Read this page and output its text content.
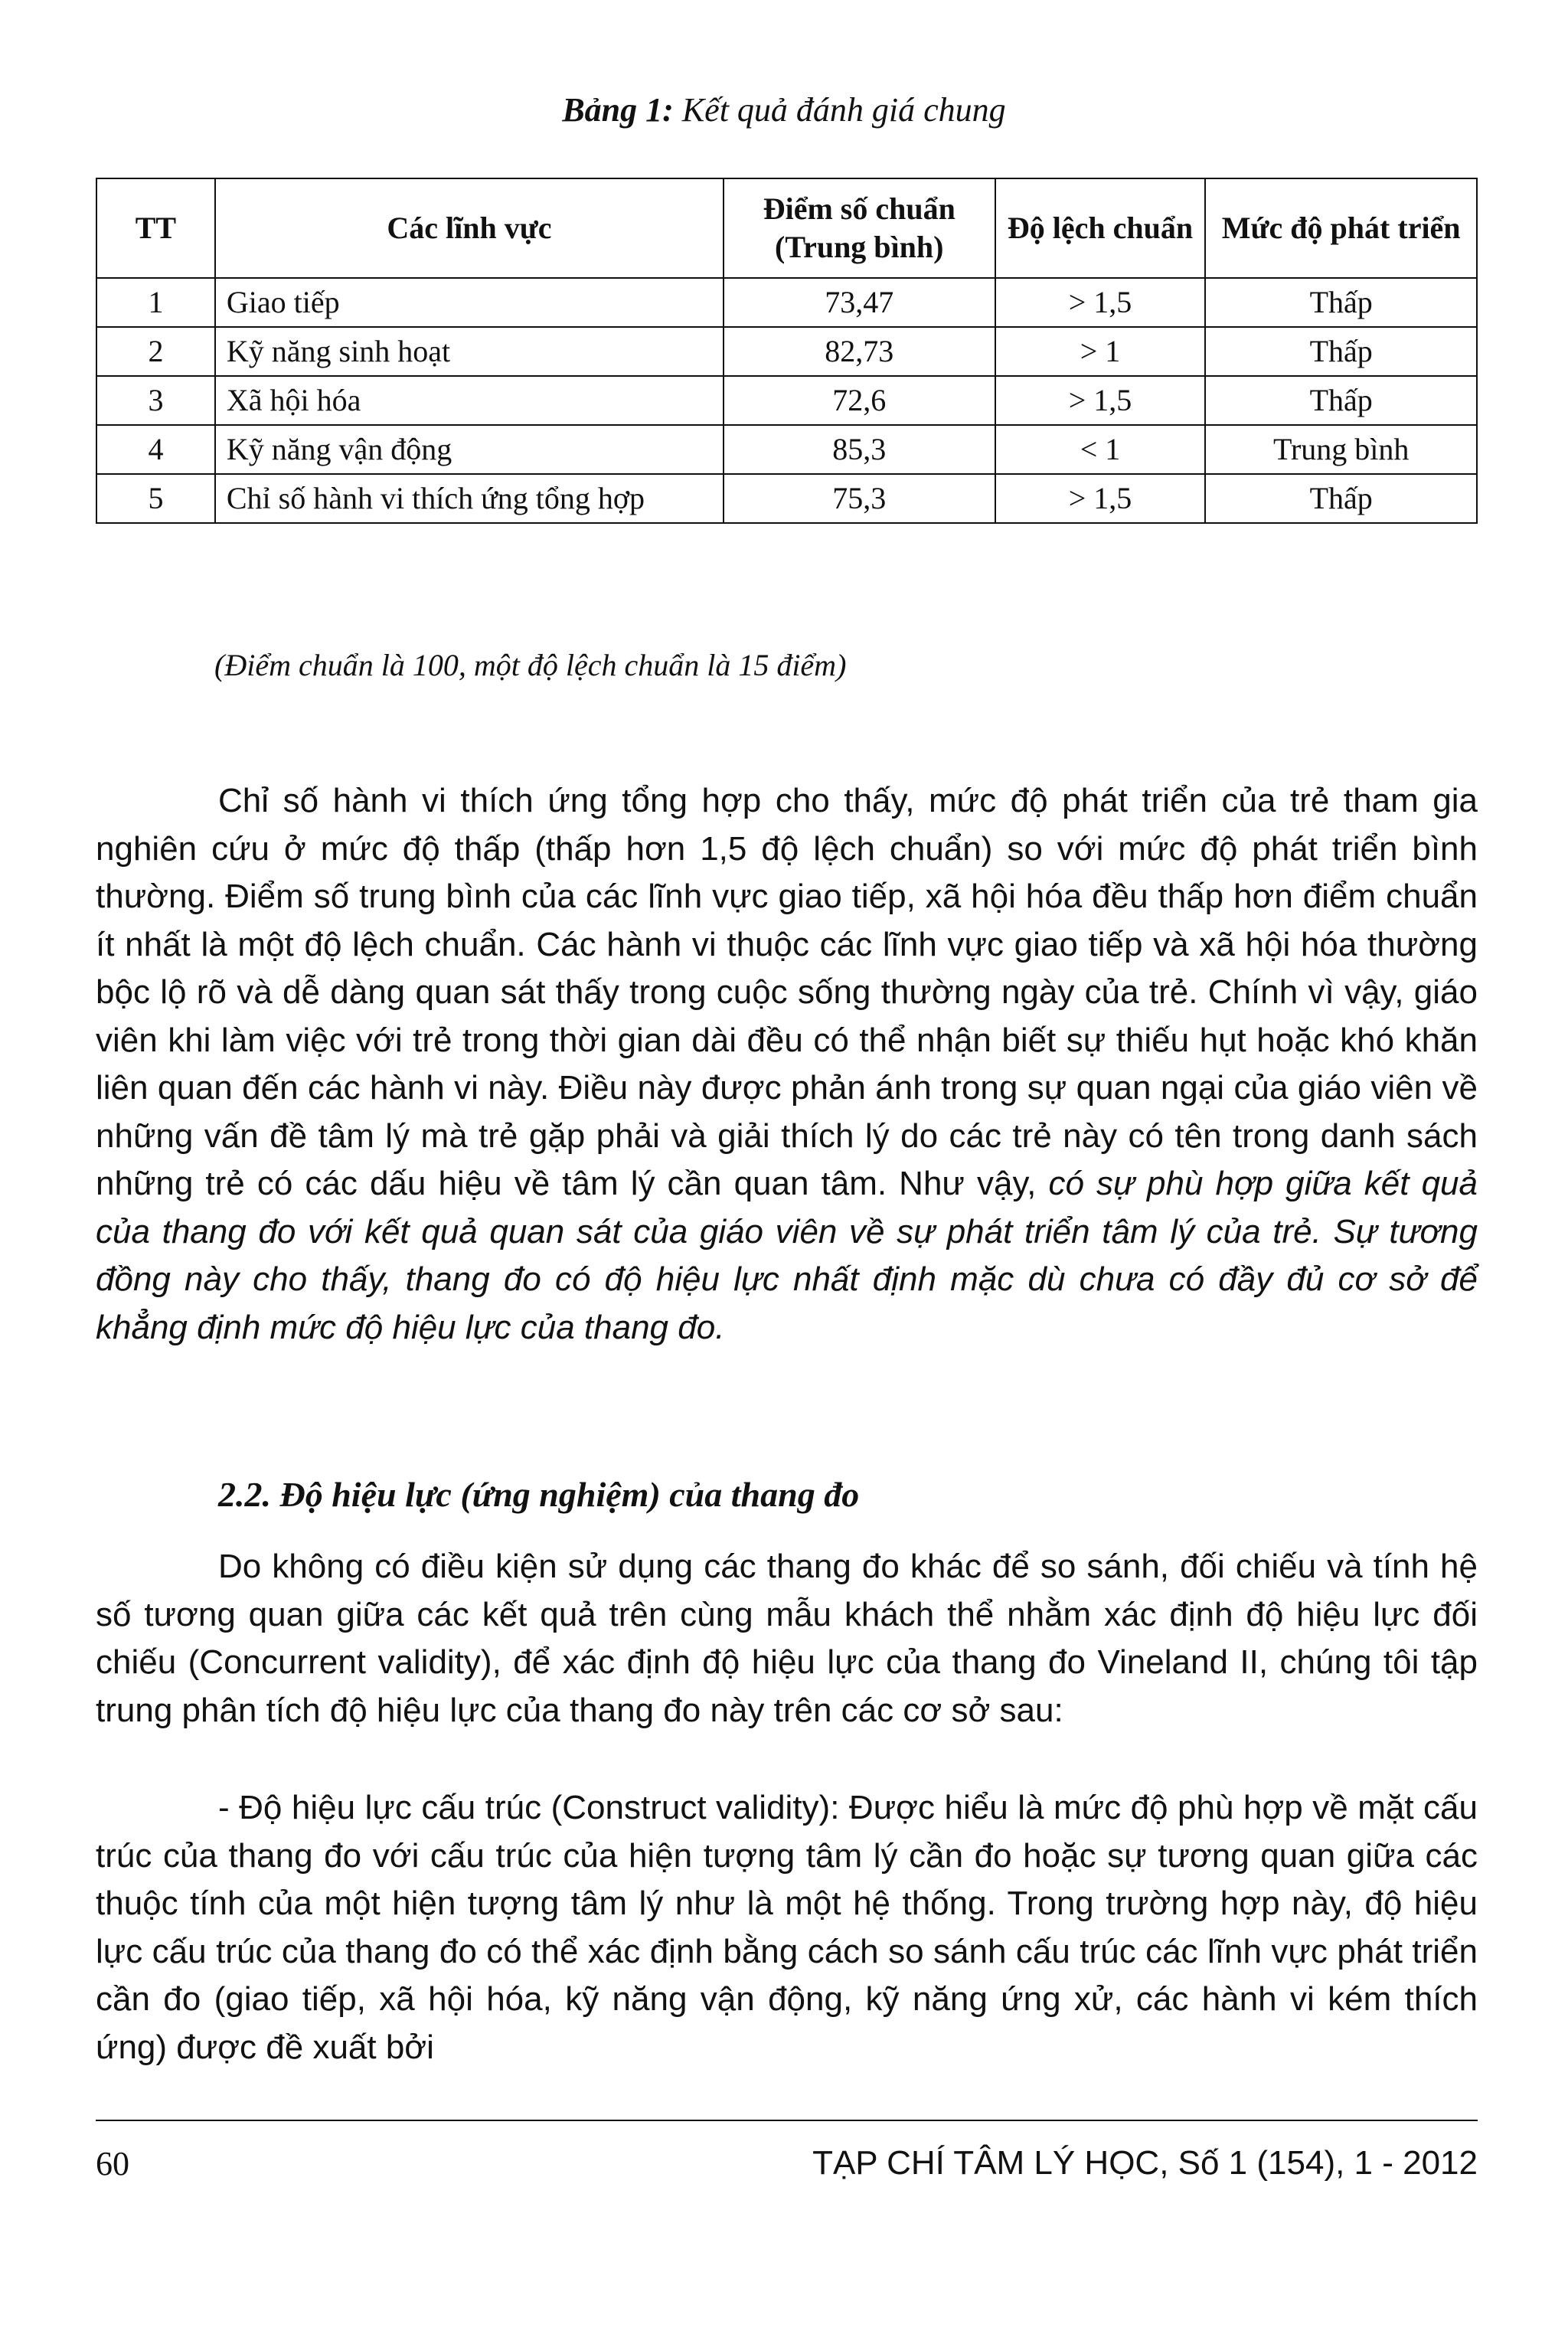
Bảng 1: Kết quả đánh giá chung
TT	Các lĩnh vực	Điểm số chuẩn (Trung bình)	Độ lệch chuẩn	Mức độ phát triển
1	Giao tiếp	73,47	> 1,5	Thấp
2	Kỹ năng sinh hoạt	82,73	> 1	Thấp
3	Xã hội hóa	72,6	> 1,5	Thấp
4	Kỹ năng vận động	85,3	< 1	Trung bình
5	Chỉ số hành vi thích ứng tổng hợp	75,3	> 1,5	Thấp
(Điểm chuẩn là 100, một độ lệch chuẩn là 15 điểm)

Chỉ số hành vi thích ứng tổng hợp cho thấy, mức độ phát triển của trẻ tham gia nghiên cứu ở mức độ thấp (thấp hơn 1,5 độ lệch chuẩn) so với mức độ phát triển bình thường. Điểm số trung bình của các lĩnh vực giao tiếp, xã hội hóa đều thấp hơn điểm chuẩn ít nhất là một độ lệch chuẩn. Các hành vi thuộc các lĩnh vực giao tiếp và xã hội hóa thường bộc lộ rõ và dễ dàng quan sát thấy trong cuộc sống thường ngày của trẻ. Chính vì vậy, giáo viên khi làm việc với trẻ trong thời gian dài đều có thể nhận biết sự thiếu hụt hoặc khó khăn liên quan đến các hành vi này. Điều này được phản ánh trong sự quan ngại của giáo viên về những vấn đề tâm lý mà trẻ gặp phải và giải thích lý do các trẻ này có tên trong danh sách những trẻ có các dấu hiệu về tâm lý cần quan tâm. Như vậy, có sự phù hợp giữa kết quả của thang đo với kết quả quan sát của giáo viên về sự phát triển tâm lý của trẻ. Sự tương đồng này cho thấy, thang đo có độ hiệu lực nhất định mặc dù chưa có đầy đủ cơ sở để khẳng định mức độ hiệu lực của thang đo.

2.2. Độ hiệu lực (ứng nghiệm) của thang đo

Do không có điều kiện sử dụng các thang đo khác để so sánh, đối chiếu và tính hệ số tương quan giữa các kết quả trên cùng mẫu khách thể nhằm xác định độ hiệu lực đối chiếu (Concurrent validity), để xác định độ hiệu lực của thang đo Vineland II, chúng tôi tập trung phân tích độ hiệu lực của thang đo này trên các cơ sở sau:

- Độ hiệu lực cấu trúc (Construct validity): Được hiểu là mức độ phù hợp về mặt cấu trúc của thang đo với cấu trúc của hiện tượng tâm lý cần đo hoặc sự tương quan giữa các thuộc tính của một hiện tượng tâm lý như là một hệ thống. Trong trường hợp này, độ hiệu lực cấu trúc của thang đo có thể xác định bằng cách so sánh cấu trúc các lĩnh vực phát triển cần đo (giao tiếp, xã hội hóa, kỹ năng vận động, kỹ năng ứng xử, các hành vi kém thích ứng) được đề xuất bởi

60	TẠP CHÍ TÂM LÝ HỌC, Số 1 (154), 1 - 2012
